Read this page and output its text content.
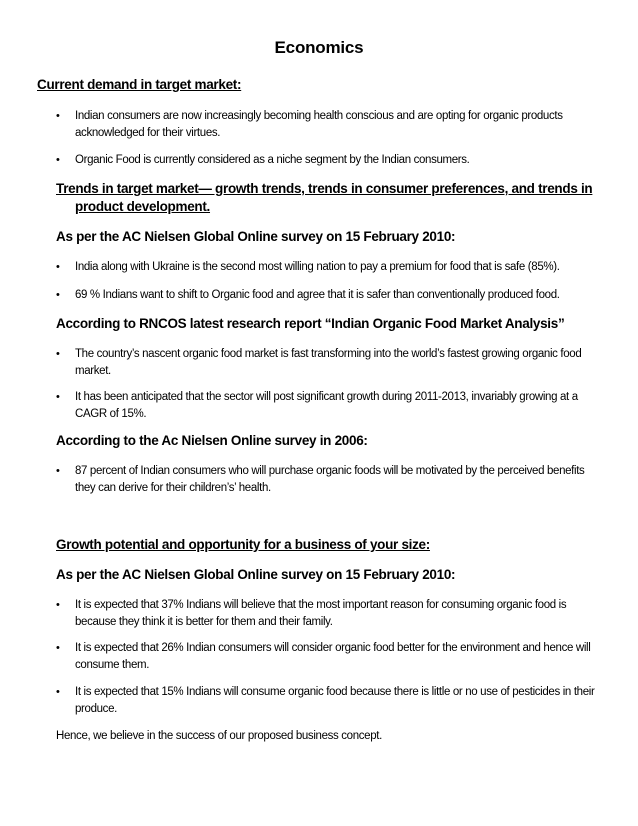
Economics
Current demand in target market:
•	Indian consumers are now increasingly becoming health conscious and are opting for organic products acknowledged for their virtues.
•	Organic Food is currently considered as a niche segment by the Indian consumers.
Trends in target market— growth trends, trends in consumer preferences, and trends in
product development.
As per the AC Nielsen Global Online survey on 15 February 2010:
•	India along with Ukraine is the second most willing nation to pay a premium for food that is safe (85%).
•	69 % Indians want to shift to Organic food and agree that it is safer than conventionally produced food.
According to RNCOS latest research report “Indian Organic Food Market Analysis”
•	The country’s nascent organic food market is fast transforming into the world’s fastest growing organic food market.
•	It has been anticipated that the sector will post significant growth during 2011-2013, invariably growing at a CAGR of 15%.
According to the Ac Nielsen Online survey in 2006:
•	87 percent of Indian consumers who will purchase organic foods will be motivated by the perceived benefits they can derive for their children’s’ health.
Growth potential and opportunity for a business of your size:
As per the AC Nielsen Global Online survey on 15 February 2010:
•	It is expected that 37% Indians will believe that the most important reason for consuming organic food is because they think it is better for them and their family.
•	It is expected that 26% Indian consumers will consider organic food better for the environment and hence will consume them.
•	It is expected that 15% Indians will consume organic food because there is little or no use of pesticides in their produce.
Hence, we believe in the success of our proposed business concept.
